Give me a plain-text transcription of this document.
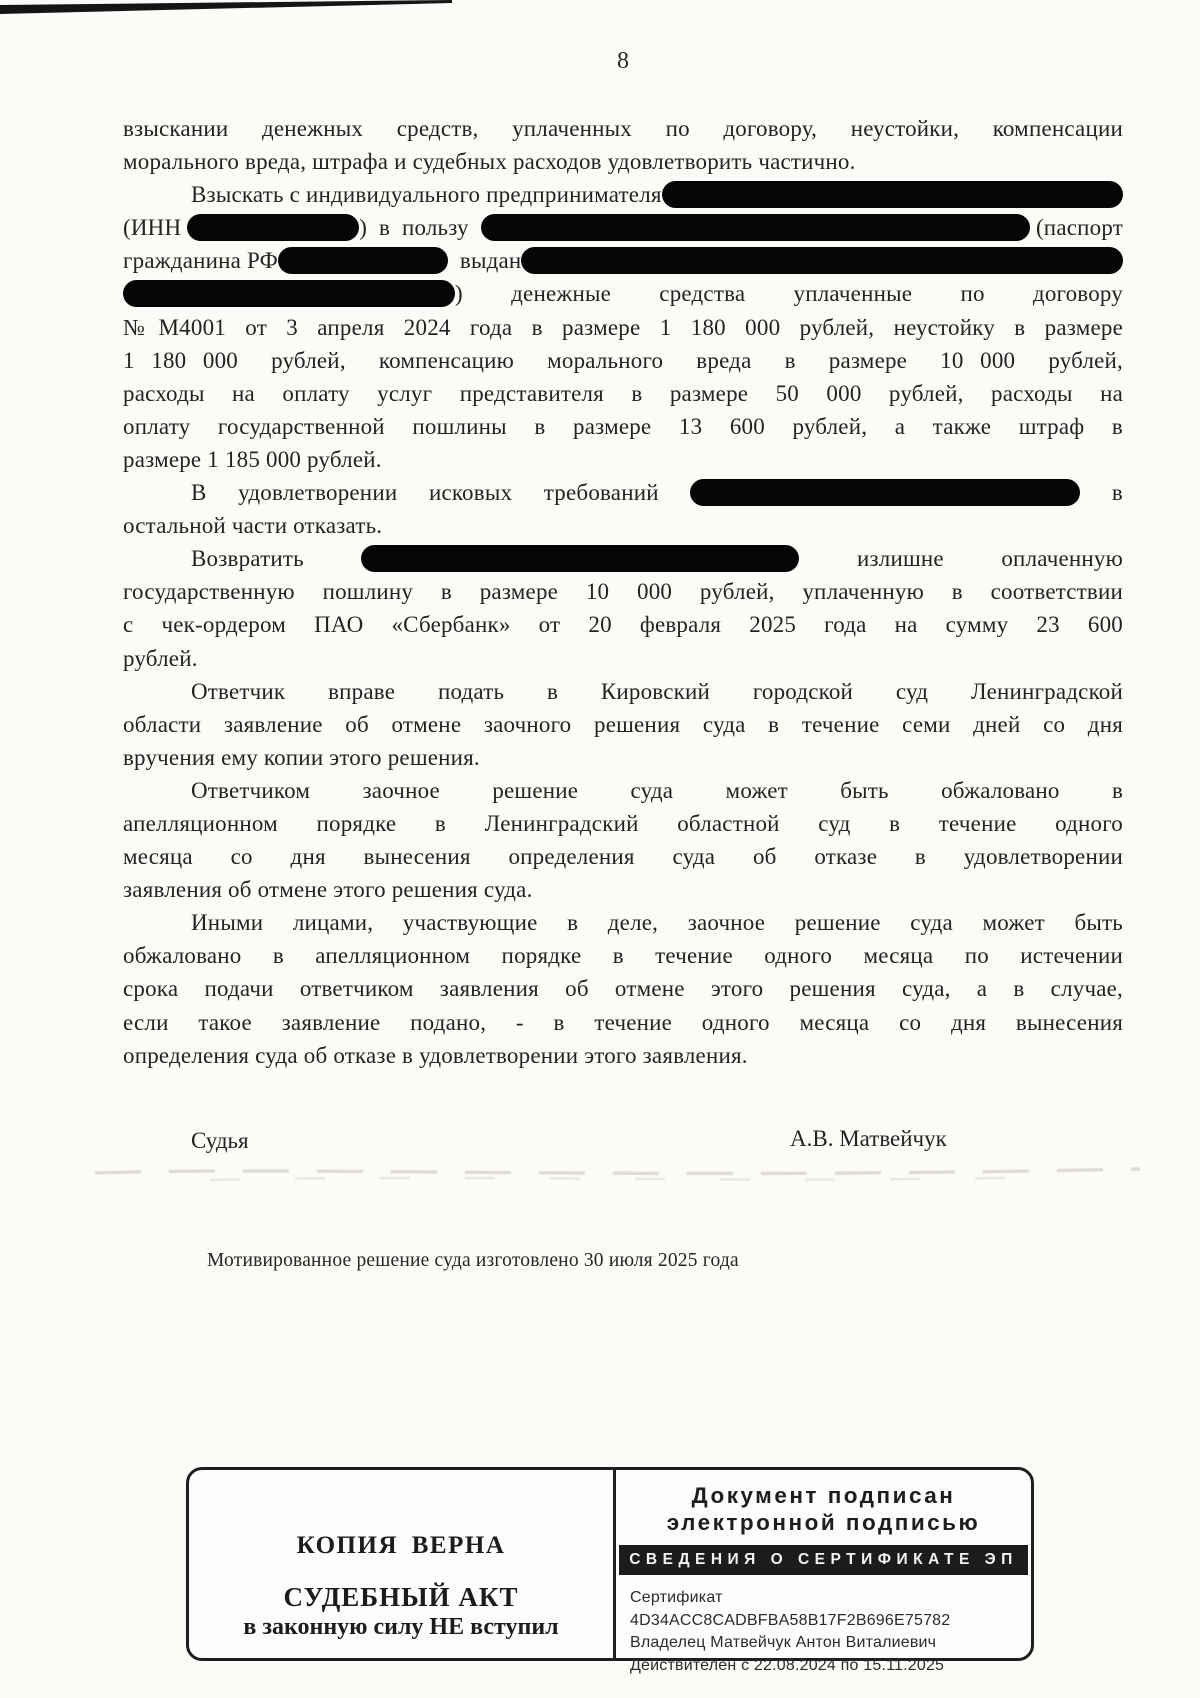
8
взыскании денежных средств, уплаченных по договору, неустойки, компенсации
морального вреда, штрафа и судебных расходов удовлетворить частично.
Взыскать с индивидуального предпринимателя
(ИНН	)  в  пользу	(паспорт
гражданина РФ	выдан
)  денежные  средства  уплаченные  по  договору
№М4001 от 3 апреля 2024 года в размере 1 180 000 рублей, неустойку в размере
1 180 000  рублей,  компенсацию  морального  вреда  в  размере  10 000  рублей,
расходы на оплату услуг представителя в размере 50 000 рублей, расходы на
оплату государственной пошлины в размере 13 600 рублей, а также штраф в
размере 1 185 000 рублей.
В удовлетворении исковых требований	в
остальной части отказать.
Возвратить	излишне оплаченную
государственную пошлину в размере 10 000 рублей, уплаченную в соответствии
с чек-ордером ПАО «Сбербанк» от 20 февраля 2025 года на сумму 23 600
рублей.
Ответчик вправе подать в Кировский городской суд Ленинградской
области заявление об отмене заочного решения суда в течение семи дней со дня
вручения ему копии этого решения.
Ответчиком  заочное  решение  суда  может  быть  обжаловано  в
апелляционном порядке в Ленинградский областной суд в течение одного
месяца со дня вынесения определения суда об отказе в удовлетворении
заявления об отмене этого решения суда.
Иными лицами, участвующие в деле, заочное решение суда может быть
обжаловано в апелляционном порядке в течение одного месяца по истечении
срока подачи ответчиком заявления об отмене этого решения суда, а в случае,
если такое заявление подано, - в течение одного месяца со дня вынесения
определения суда об отказе в удовлетворении этого заявления.
Судья	А.В. Матвейчук
Мотивированное решение суда изготовлено 30 июля 2025 года
КОПИЯ ВЕРНА
СУДЕБНЫЙ АКТ
в законную силу НЕ вступил
Документ подписан
электронной подписью
СВЕДЕНИЯ О СЕРТИФИКАТЕ ЭП
Сертификат 4D34ACC8CADBFBA58B17F2B696E75782
Владелец Матвейчук Антон Виталиевич
Действителен с 22.08.2024 по 15.11.2025
